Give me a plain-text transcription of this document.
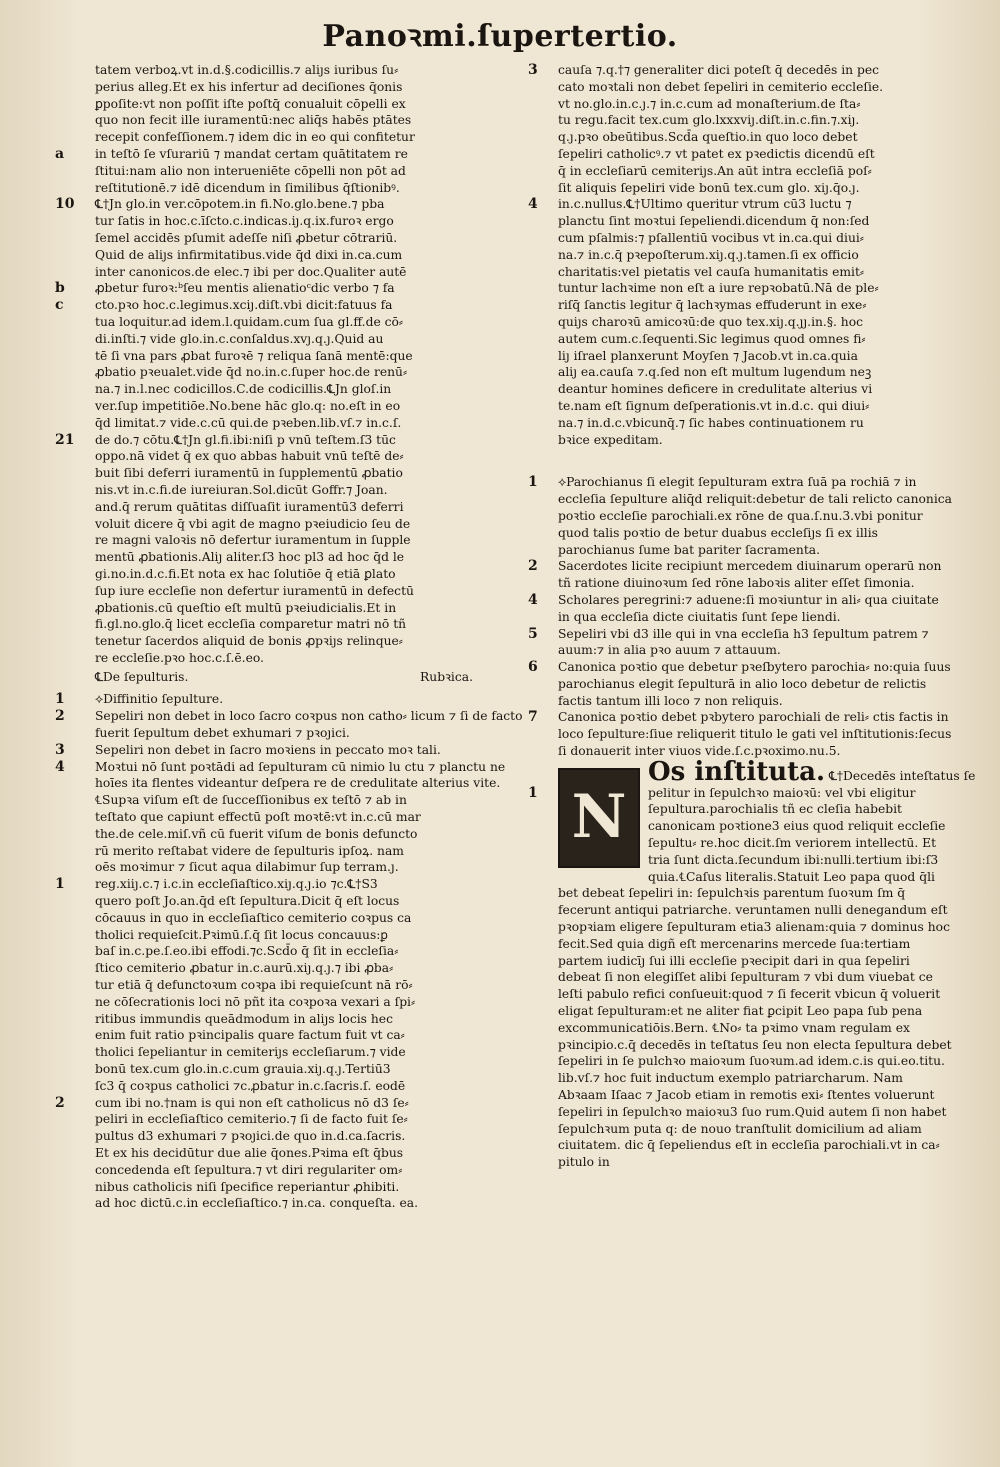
Panoꝛmi.ſupertertio.
tatem verboꝝ.vt in.d.§.codicillis.⁊ aliȷs iuribus ſu⸗
perius alleg.Et ex his infertur ad deciſiones q̄onis
ꝑpoſite:vt non poſſit iſte poſtq̄ conualuit cōpelli ex
quo non fecit ille iuramentū:nec aliq̄s habēs ptātes
recepit confeſſionem.⁊ idem dic in eo qui confitetur
a	in teſtō ſe vſurariū ⁊ mandat certam quātitatem re
ſtitui:nam alio non interueniēte cōpelli non pōt ad
reſtitutionē.⁊ idē dicendum in ſimilibus q̄ſtionibꝰ.
10 ℄†Jn glo.in ver.cōpotem.in fi.No.glo.bene.⁊ pba
tur ſatis in hoc.c.īſcto.c.indicas.iȷ.q.ix.furoꝛ ergo
ſemel accidēs pſumit adeſſe niſi ꝓbetur cōtrariū.
Quid de aliȷs infirmitatibus.vide q̄d dixi in.ca.cum
inter canonicos.de elec.⁊ ibi per doc.Qualiter autē
b ꝓbetur furoꝛ:ᵇſeu mentis alienatioᶜdic verbo ⁊ fa
c	cto.pꝛo hoc.c.legimus.xciȷ.diſt.vbi dicit:fatuus fa
tua loquitur.ad idem.l.quidam.cum ſua gl.ff.de cō⸗
di.inſti.⁊ vide glo.in.c.conſaldus.xvȷ.q.ȷ.Quid au
tē ſi vna pars ꝓbat furoꝛē ⁊ reliqua ſanā mentē:que
ꝓbatio pꝛeualet.vide q̄d no.in.c.ſuper hoc.de renū⸗
na.⁊ in.l.nec codicillos.C.de codicillis.℄Jn gloſ.in
ver.ſup impetitiōe.No.bene hāc glo.q: no.eſt in eo
q̄d limitat.⁊ vide.c.cū qui.de pꝛeben.lib.vſ.⁊ in.c.ſ.
21 de do.⁊ cōtu.℄†Jn gl.fi.ibi:niſi p vnū teſtem.ſ3 tūc
oppo.nā videt q̄ ex quo abbas habuit vnū teſtē de⸗
buit ſibi deferri iuramentū in ſupplementū ꝓbatio
nis.vt in.c.fi.de iureiuran.Sol.dicūt Goffr.⁊ Joan.
and.q̄ rerum quātitas diſſuaſit iuramentū3 deferri
voluit dicere q̄ vbi agit de magno pꝛeiudicio ſeu de
re magni valoꝛis nō defertur iuramentum in ſupple
mentū ꝓbationis.Aliȷ aliter.ſ3 hoc pl3 ad hoc q̄d le
gi.no.in.d.c.fi.Et nota ex hac ſolutiōe q̄ etiā ꝑlato
ſup iure eccleſie non defertur iuramentū in defectū
ꝓbationis.cū queſtio eſt multū pꝛeiudicialis.Et in
fi.gl.no.glo.q̄ licet eccleſia comparetur matri nō tñ
tenetur ſacerdos aliquid de bonis ꝓpꝛiȷs relinque⸗
re eccleſie.pꝛo hoc.c.ſ.ē.eo.
℄De ſepulturis.	Rubꝛica.
1 ⟡Diffinitio ſepulture.
2 Sepeliri non debet in loco ſacro coꝛpus non catho⸗ licum ⁊ ſi de facto fuerit ſepultum debet exhumari ⁊ pꝛoȷici.
3 Sepeliri non debet in ſacro moꝛiens in peccato moꝛ tali.
4 Moꝛtui nō ſunt poꝛtādi ad ſepulturam cū nimio lu ctu ⁊ planctu ne hoīes ita flentes videantur deſpera re de credulitate alterius vite.
℄Supꝛa viſum eſt de ſucceſſionibus ex teſtō ⁊ ab in
teſtato que capiunt effectū poſt moꝛtē:vt in.c.cū mar
the.de cele.miſ.vñ cū fuerit viſum de bonis defuncto
rū merito reſtabat videre de ſepulturis ipſoꝝ. nam
oēs moꝛimur ⁊ ſicut aqua dilabimur ſup terram.ȷ.
1 reg.xiiȷ.c.⁊ i.c.in eccleſiaſtico.xiȷ.q.ȷ.io ⁊c.℄†S3
quero poſt Jo.an.q̄d eſt ſepultura.Dicit q̄ eſt locus
cōcauus in quo in eccleſiaſtico cemiterio coꝛpus ca
tholici requieſcit.Pꝛimū.ſ.q̄ ſit locus concauus:ꝑ
baſ in.c.pe.ſ.eo.ibi effodi.⁊c.Scd̄o q̄ ſit in eccleſia⸗
ſtico cemiterio ꝓbatur in.c.aurū.xiȷ.q.ȷ.⁊ ibi ꝓba⸗
tur etiā q̄ defunctoꝛum coꝛpa ibi requieſcunt nā rō⸗
ne cōſecrationis loci nō pñt ita coꝛpoꝛa vexari a ſpi⸗
ritibus immundis queādmodum in aliȷs locis hec
enim fuit ratio pꝛincipalis quare factum fuit vt ca⸗
tholici ſepeliantur in cemiteriȷs eccleſiarum.⁊ vide
bonū tex.cum glo.in.c.cum grauia.xiȷ.q.ȷ.Tertiū3
ſc3 q̄ coꝛpus catholici ⁊c.ꝓbatur in.c.ſacris.ſ. eodē
2 cum ibi no.†nam is qui non eſt catholicus nō d3 ſe⸗
peliri in eccleſiaſtico cemiterio.⁊ ſi de facto fuit ſe⸗
pultus d3 exhumari ⁊ pꝛoȷici.de quo in.d.ca.ſacris.
Et ex his decidūtur due alie q̄ones.Pꝛima eſt q̄bus
concedenda eſt ſepultura.⁊ vt diri regulariter om⸗
nibus catholicis niſi ſpecifice reperiantur ꝓhibiti.
ad hoc dictū.c.in eccleſiaſtico.⁊ in.ca. conqueſta. ea.
3 cauſa ⁊.q.†⁊ generaliter dici poteſt q̄ decedēs in pec
cato moꝛtali non debet ſepeliri in cemiterio eccleſie.
vt no.glo.in.c.ȷ.⁊ in.c.cum ad monaſterium.de ſta⸗
tu regu.facit tex.cum glo.lxxxviȷ.diſt.in.c.fin.⁊.xiȷ.
q.ȷ.pꝛo obeūtibus.Scd̄a queſtio.in quo loco debet
ſepeliri catholicꝰ.⁊ vt patet ex pꝛedictis dicendū eſt
q̄ in eccleſiarū cemiteriȷs.An aūt intra eccleſiā poſ⸗
ſit aliquis ſepeliri vide bonū tex.cum glo. xiȷ.q̄o.ȷ.
4 in.c.nullus.℄†Ultimo queritur vtrum cū3 luctu ⁊
planctu ſint moꝛtui ſepeliendi.dicendum q̄ non:ſed
cum pſalmis:⁊ pſallentiū vocibus vt in.ca.qui diui⸗
na.⁊ in.c.q̄ pꝛepoſterum.xiȷ.q.ȷ.tamen.ſi ex officio
charitatis:vel pietatis vel cauſa humanitatis emit⸗
tuntur lachꝛime non eſt a iure repꝛobatū.Nā de ple⸗
riſq̄ ſanctis legitur q̄ lachꝛymas effuderunt in exe⸗
quiȷs charoꝛū amicoꝛū:de quo tex.xiȷ.q.ȷȷ.in.§. hoc
autem cum.c.ſequenti.Sic legimus quod omnes fi⸗
liȷ iſrael planxerunt Moyſen ⁊ Jacob.vt in.ca.quia
aliȷ ea.cauſa ⁊.q.ſed non eſt multum lugendum neꝫ
deantur homines deficere in credulitate alterius vi
te.nam eſt ſignum deſperationis.vt in.d.c. qui diui⸗
na.⁊ in.d.c.vbicunq̄.⁊ ſic habes continuationem ru
bꝛice expeditam.
1 ⟡Parochianus ſi elegit ſepulturam extra ſuā pa rochiā ⁊ in eccleſia ſepulture aliq̄d reliquit:debetur de tali relicto canonica poꝛtio eccleſie parochiali.ex rōne de qua.ſ.nu.3.vbi ponitur quod talis poꝛtio de betur duabus eccleſiȷs ſi ex illis parochianus ſume bat pariter ſacramenta.
2 Sacerdotes licite recipiunt mercedem diuinarum operarū non tñ ratione diuinoꝛum ſed rōne laboꝛis aliter eſſet ſimonia.
4 Scholares peregrini:⁊ aduene:ſi moꝛiuntur in ali⸗ qua ciuitate in qua eccleſia dicte ciuitatis ſunt ſepe liendi.
5 Sepeliri vbi d3 ille qui in vna eccleſia h3 ſepultum patrem ⁊ auum:⁊ in alia pꝛo auum ⁊ attauum.
6 Canonica poꝛtio que debetur pꝛeſbytero parochia⸗ no:quia ſuus parochianus elegit ſepulturā in alio loco debetur de relictis factis tantum illi loco ⁊ non reliquis.
7 Canonica poꝛtio debet pꝛbytero parochiali de reli⸗ ctis factis in loco ſepulture:ſiue reliquerit titulo le gati vel inſtitutionis:ſecus ſi donauerit inter viuos vide.ſ.c.pꝛoximo.nu.5.
N
Os inſtituta. ℄†Decedēs inteſtatus ſe
1	pelitur in ſepulchꝛo maioꝛū: vel vbi eligitur ſepultura.parochialis tñ ec cleſia habebit canonicam poꝛtione3 eius quod reliquit eccleſie ſepultu⸗ re.hoc dicit.ſm veriorem intellectū. Et tria ſunt dicta.ſecundum ibi:nulli.tertium ibi:ſ3 quia.℄Caſus literalis.Statuit Leo papa quod q̄li bet debeat ſepeliri in: ſepulchꝛis parentum ſuoꝛum ſm q̄ fecerunt antiqui patriarche. veruntamen nulli denegandum eſt pꝛopꝛiam eligere ſepulturam etia3 alienam:quia ⁊ dominus hoc fecit.Sed quia digñ eſt mercenarins mercede ſua:tertiam partem iudicīȷ ſui illi eccleſie pꝛecipit dari in qua ſepeliri debeat ſi non elegiſſet alibi ſepulturam ⁊ vbi dum viuebat ce leſti pabulo refici conſueuit:quod ⁊ ſi fecerit vbicun q̄ voluerit eligat ſepulturam:et ne aliter fiat ꝑcipit Leo papa ſub pena excommunicatiōis.Bern. ℄No⸗ ta pꝛimo vnam regulam ex pꝛincipio.c.q̄ decedēs in teſtatus ſeu non electa ſepultura debet ſepeliri in ſe pulchꝛo maioꝛum ſuoꝛum.ad idem.c.is qui.eo.titu. lib.vſ.⁊ hoc fuit inductum exemplo patriarcharum. Nam Abꝛaam Iſaac ⁊ Jacob etiam in remotis exi⸗ ſtentes voluerunt ſepeliri in ſepulchꝛo maioꝛu3 ſuo rum.Quid autem ſi non habet ſepulchꝛum puta q: de nouo tranſtulit domicilium ad aliam ciuitatem. dic q̄ ſepeliendus eſt in eccleſia parochiali.vt in ca⸗ pitulo in
